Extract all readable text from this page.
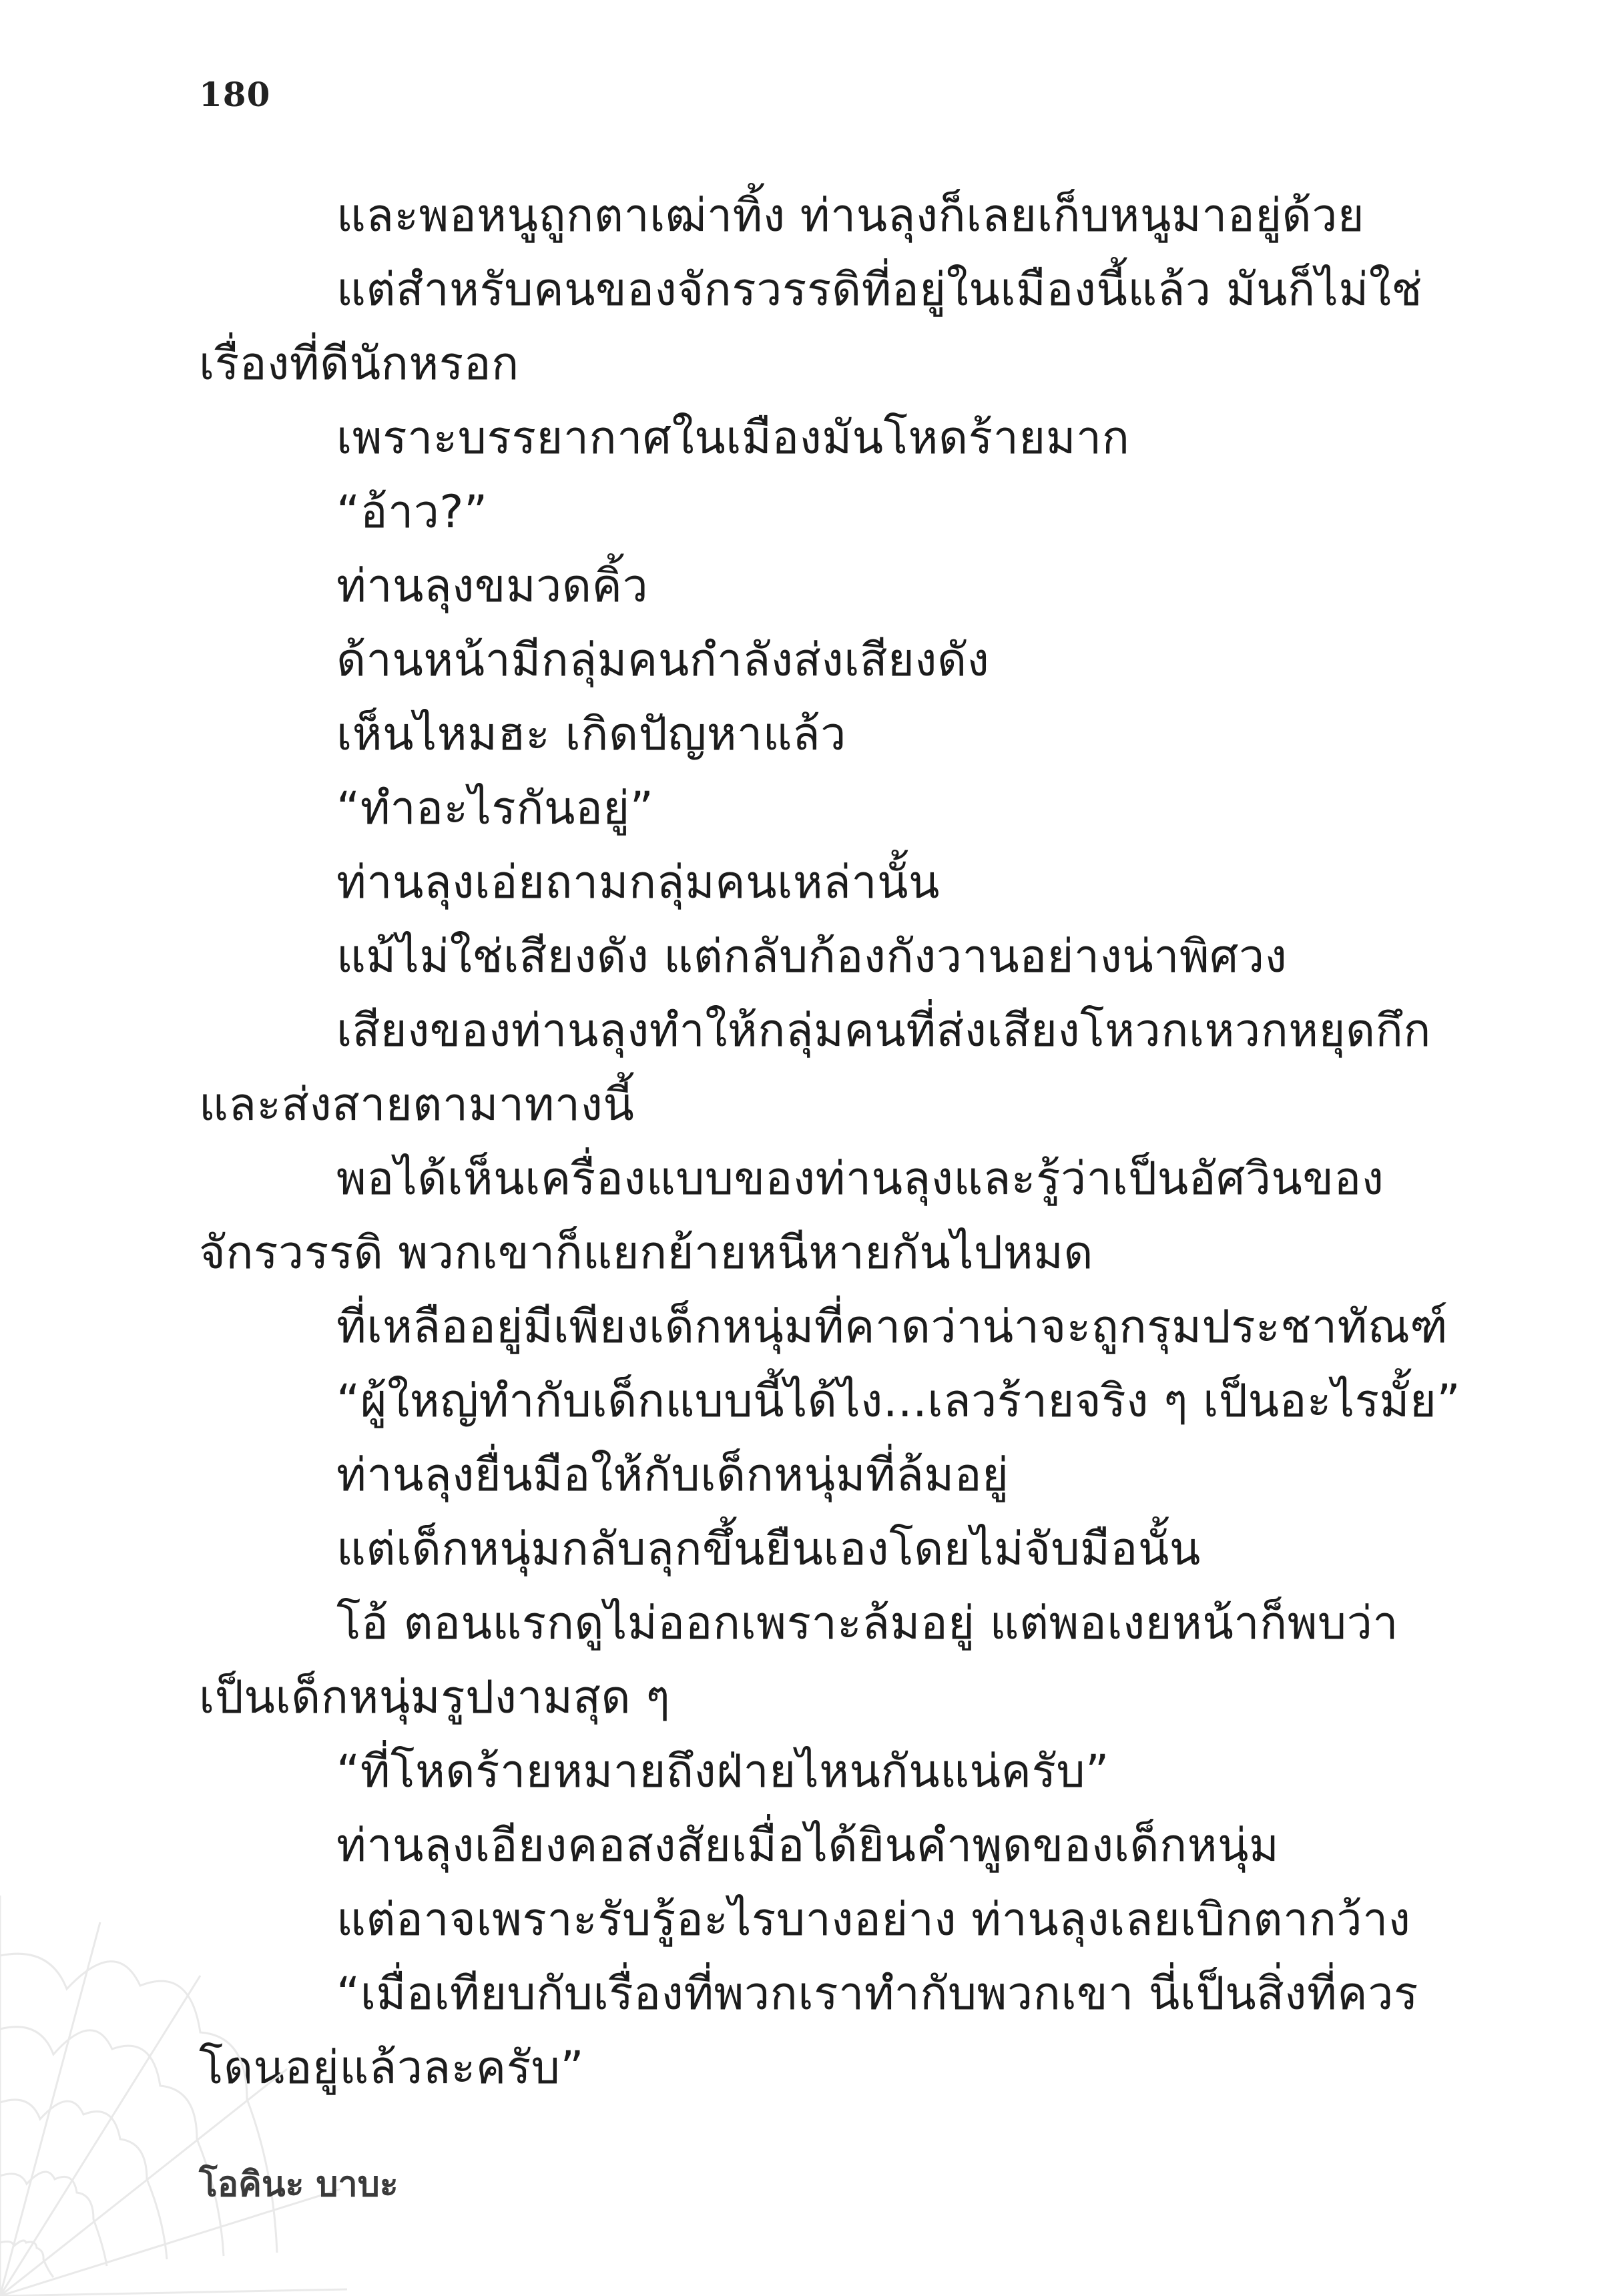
180

และพอหนูถูกตาเฒ่าทิ้ง ท่านลุงก็เลยเก็บหนูมาอยู่ด้วย

แต่สำหรับคนของจักรวรรดิที่อยู่ในเมืองนี้แล้ว มันก็ไม่ใช่

เรื่องที่ดีนักหรอก

เพราะบรรยากาศในเมืองมันโหดร้ายมาก

“อ้าว?”

ท่านลุงขมวดคิ้ว

ด้านหน้ามีกลุ่มคนกำลังส่งเสียงดัง

เห็นไหมฮะ เกิดปัญหาแล้ว

“ทำอะไรกันอยู่”

ท่านลุงเอ่ยถามกลุ่มคนเหล่านั้น

แม้ไม่ใช่เสียงดัง แต่กลับก้องกังวานอย่างน่าพิศวง

เสียงของท่านลุงทำให้กลุ่มคนที่ส่งเสียงโหวกเหวกหยุดกึก

และส่งสายตามาทางนี้

พอได้เห็นเครื่องแบบของท่านลุงและรู้ว่าเป็นอัศวินของ

จักรวรรดิ พวกเขาก็แยกย้ายหนีหายกันไปหมด

ที่เหลืออยู่มีเพียงเด็กหนุ่มที่คาดว่าน่าจะถูกรุมประชาทัณฑ์

“ผู้ใหญ่ทำกับเด็กแบบนี้ได้ไง...เลวร้ายจริง ๆ เป็นอะไรมั้ย”

ท่านลุงยื่นมือให้กับเด็กหนุ่มที่ล้มอยู่

แต่เด็กหนุ่มกลับลุกขึ้นยืนเองโดยไม่จับมือนั้น

โอ้ ตอนแรกดูไม่ออกเพราะล้มอยู่ แต่พอเงยหน้าก็พบว่า

เป็นเด็กหนุ่มรูปงามสุด ๆ

“ที่โหดร้ายหมายถึงฝ่ายไหนกันแน่ครับ”

ท่านลุงเอียงคอสงสัยเมื่อได้ยินคำพูดของเด็กหนุ่ม

แต่อาจเพราะรับรู้อะไรบางอย่าง ท่านลุงเลยเบิกตากว้าง

“เมื่อเทียบกับเรื่องที่พวกเราทำกับพวกเขา นี่เป็นสิ่งที่ควร

โดนอยู่แล้วละครับ”

โอคินะ บาบะ
